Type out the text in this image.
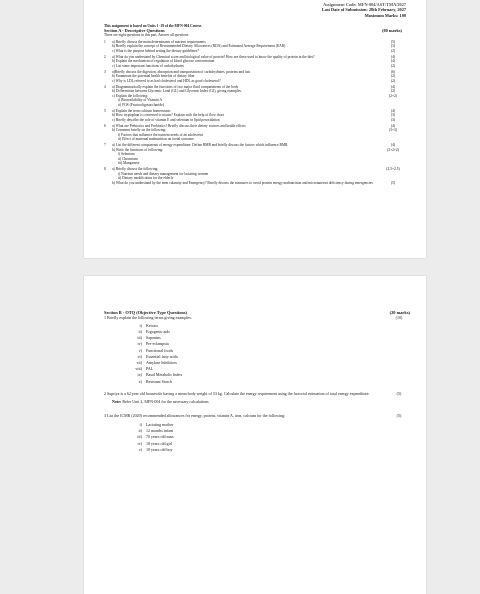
Assignment Code: MFN-004/AST/TMA/2027
Last Date of Submission: 28th February, 2027
Maximum Marks: 100
This assignment is based on Units 1 -19 of the MFN-004 Course.
Section A - Descriptive Questions	(80 marks)
There are eight questions in this part. Answer all questions.
1	a) Briefly discuss the main determinants of nutrient requirements	(5)
b) Briefly explain the concept of Recommended Dietary Allowances (RDA) and Estimated Average Requirement (EAR)	(3)
c) What is the purpose behind setting the dietary guidelines?	(2)
2	a) What do you understand by Chemical score and biological value of protein? How are these used to know the quality of protein in the diet?	(4)
b) Explain the mechanism of regulation of blood glucose concentration	(4)
c) List some important functions of carbohydrates	(2)
3	a)Briefly discuss the digestion, absorption and transportation of carbohydrates, proteins and fats	(6)
b) Enumerate the potential health benefits of dietary fiber	(2)
c) Why is LDL referred to as bad cholesterol and HDL as good cholesterol?	(2)
4	a) Diagrammatically explain the functions of two major fluid compartments of the body	(4)
b) Differentiate between Glycemic Load (GL) and Glycemic Index (GI), giving examples.	(2)
c) Explain the following:	(2+2)
i) Bioavailability of Vitamin A
ii) FOS (Fructooligosaccharide)
5	a) Explain the term calcium homeostasis	(4)
b) How tryptophan is converted to niacin? Explain with the help of flow chart	(3)
c) Briefly describe the role of vitamin E and selenium in lipid peroxidation	(3)
6	a) What are Prebiotics and Probiotics? Briefly discuss their dietary sources and health effects	(4)
b) Comment briefly on the following:	(3+3)
i) Factors that influence the nutrient needs of an adolescent
ii) Effect of maternal malnutrition on foetal outcome.
7	a) List the different components of energy expenditure. Define BMR and briefly discuss the factors which influence BMR.	(4)
b) Write the functions of following:	(2+2+2)
i) Selenium
ii) Chromium
iii) Manganese
8	a) Briefly discuss the following:	(2.5+2.5)
i) Nutrient needs and dietary management for lactating women
ii) Dietary modification for the elderly
b) What do you understand by the term calamity and Emergency? Briefly discuss the measures to avoid protein energy malnutrition and micronutrient deficiency during emergencies	(5)
Section B - OTQ (Objective Type Questions)	(20 marks)
1 Briefly explain the following terms giving examples:	(10)
i)	Ketosis
ii)	Ergogenic aids
iii)	Saponins
iv)	Pre-eclampsia
v)	Functional foods
vi)	Essential fatty acids
vii)	Amylase Inhibitors
viii)	PAL
ix)	Basal Metabolic Index
x)	Resistant Starch
2 Supriya is a 62 year old housewife having a mean body weight of 53 kg. Calculate the energy requirement using the factorial estimation of total energy expenditure.	(5)
Note: Refer Unit 2, MFN-004 for the necessary calculations
3 List the ICMR (2020) recommended allowances for energy, protein, vitamin A, iron, calcium for the following:	(5)
i)	Lactating mother
ii)	12 months infant
iii)	70 years old man
iv)	18 years old girl
v)	10 years old boy
